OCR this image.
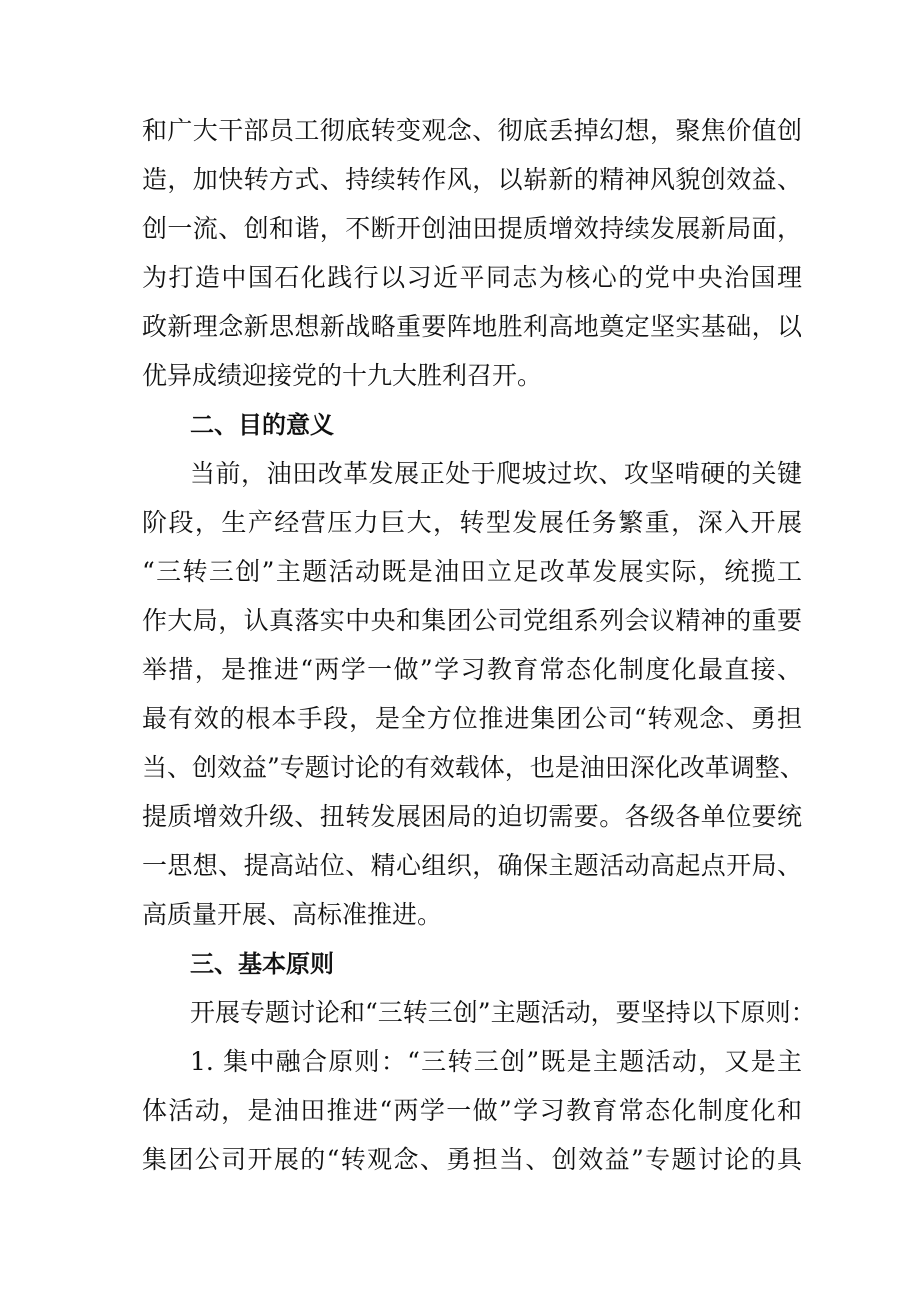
和广大干部员工彻底转变观念、彻底丢掉幻想，聚焦价值创
造，加快转方式、持续转作风，以崭新的精神风貌创效益、
创一流、创和谐，不断开创油田提质增效持续发展新局面，
为打造中国石化践行以习近平同志为核心的党中央治国理
政新理念新思想新战略重要阵地胜利高地奠定坚实基础，以
优异成绩迎接党的十九大胜利召开。
二、目的意义
当前，油田改革发展正处于爬坡过坎、攻坚啃硬的关键
阶段，生产经营压力巨大，转型发展任务繁重，深入开展
“三转三创”主题活动既是油田立足改革发展实际，统揽工
作大局，认真落实中央和集团公司党组系列会议精神的重要
举措，是推进“两学一做”学习教育常态化制度化最直接、
最有效的根本手段，是全方位推进集团公司“转观念、勇担
当、创效益”专题讨论的有效载体，也是油田深化改革调整、
提质增效升级、扭转发展困局的迫切需要。各级各单位要统
一思想、提高站位、精心组织，确保主题活动高起点开局、
高质量开展、高标准推进。
三、基本原则
开展专题讨论和“三转三创”主题活动，要坚持以下原则：
1. 集中融合原则：“三转三创”既是主题活动，又是主
体活动，是油田推进“两学一做”学习教育常态化制度化和
集团公司开展的“转观念、勇担当、创效益”专题讨论的具
